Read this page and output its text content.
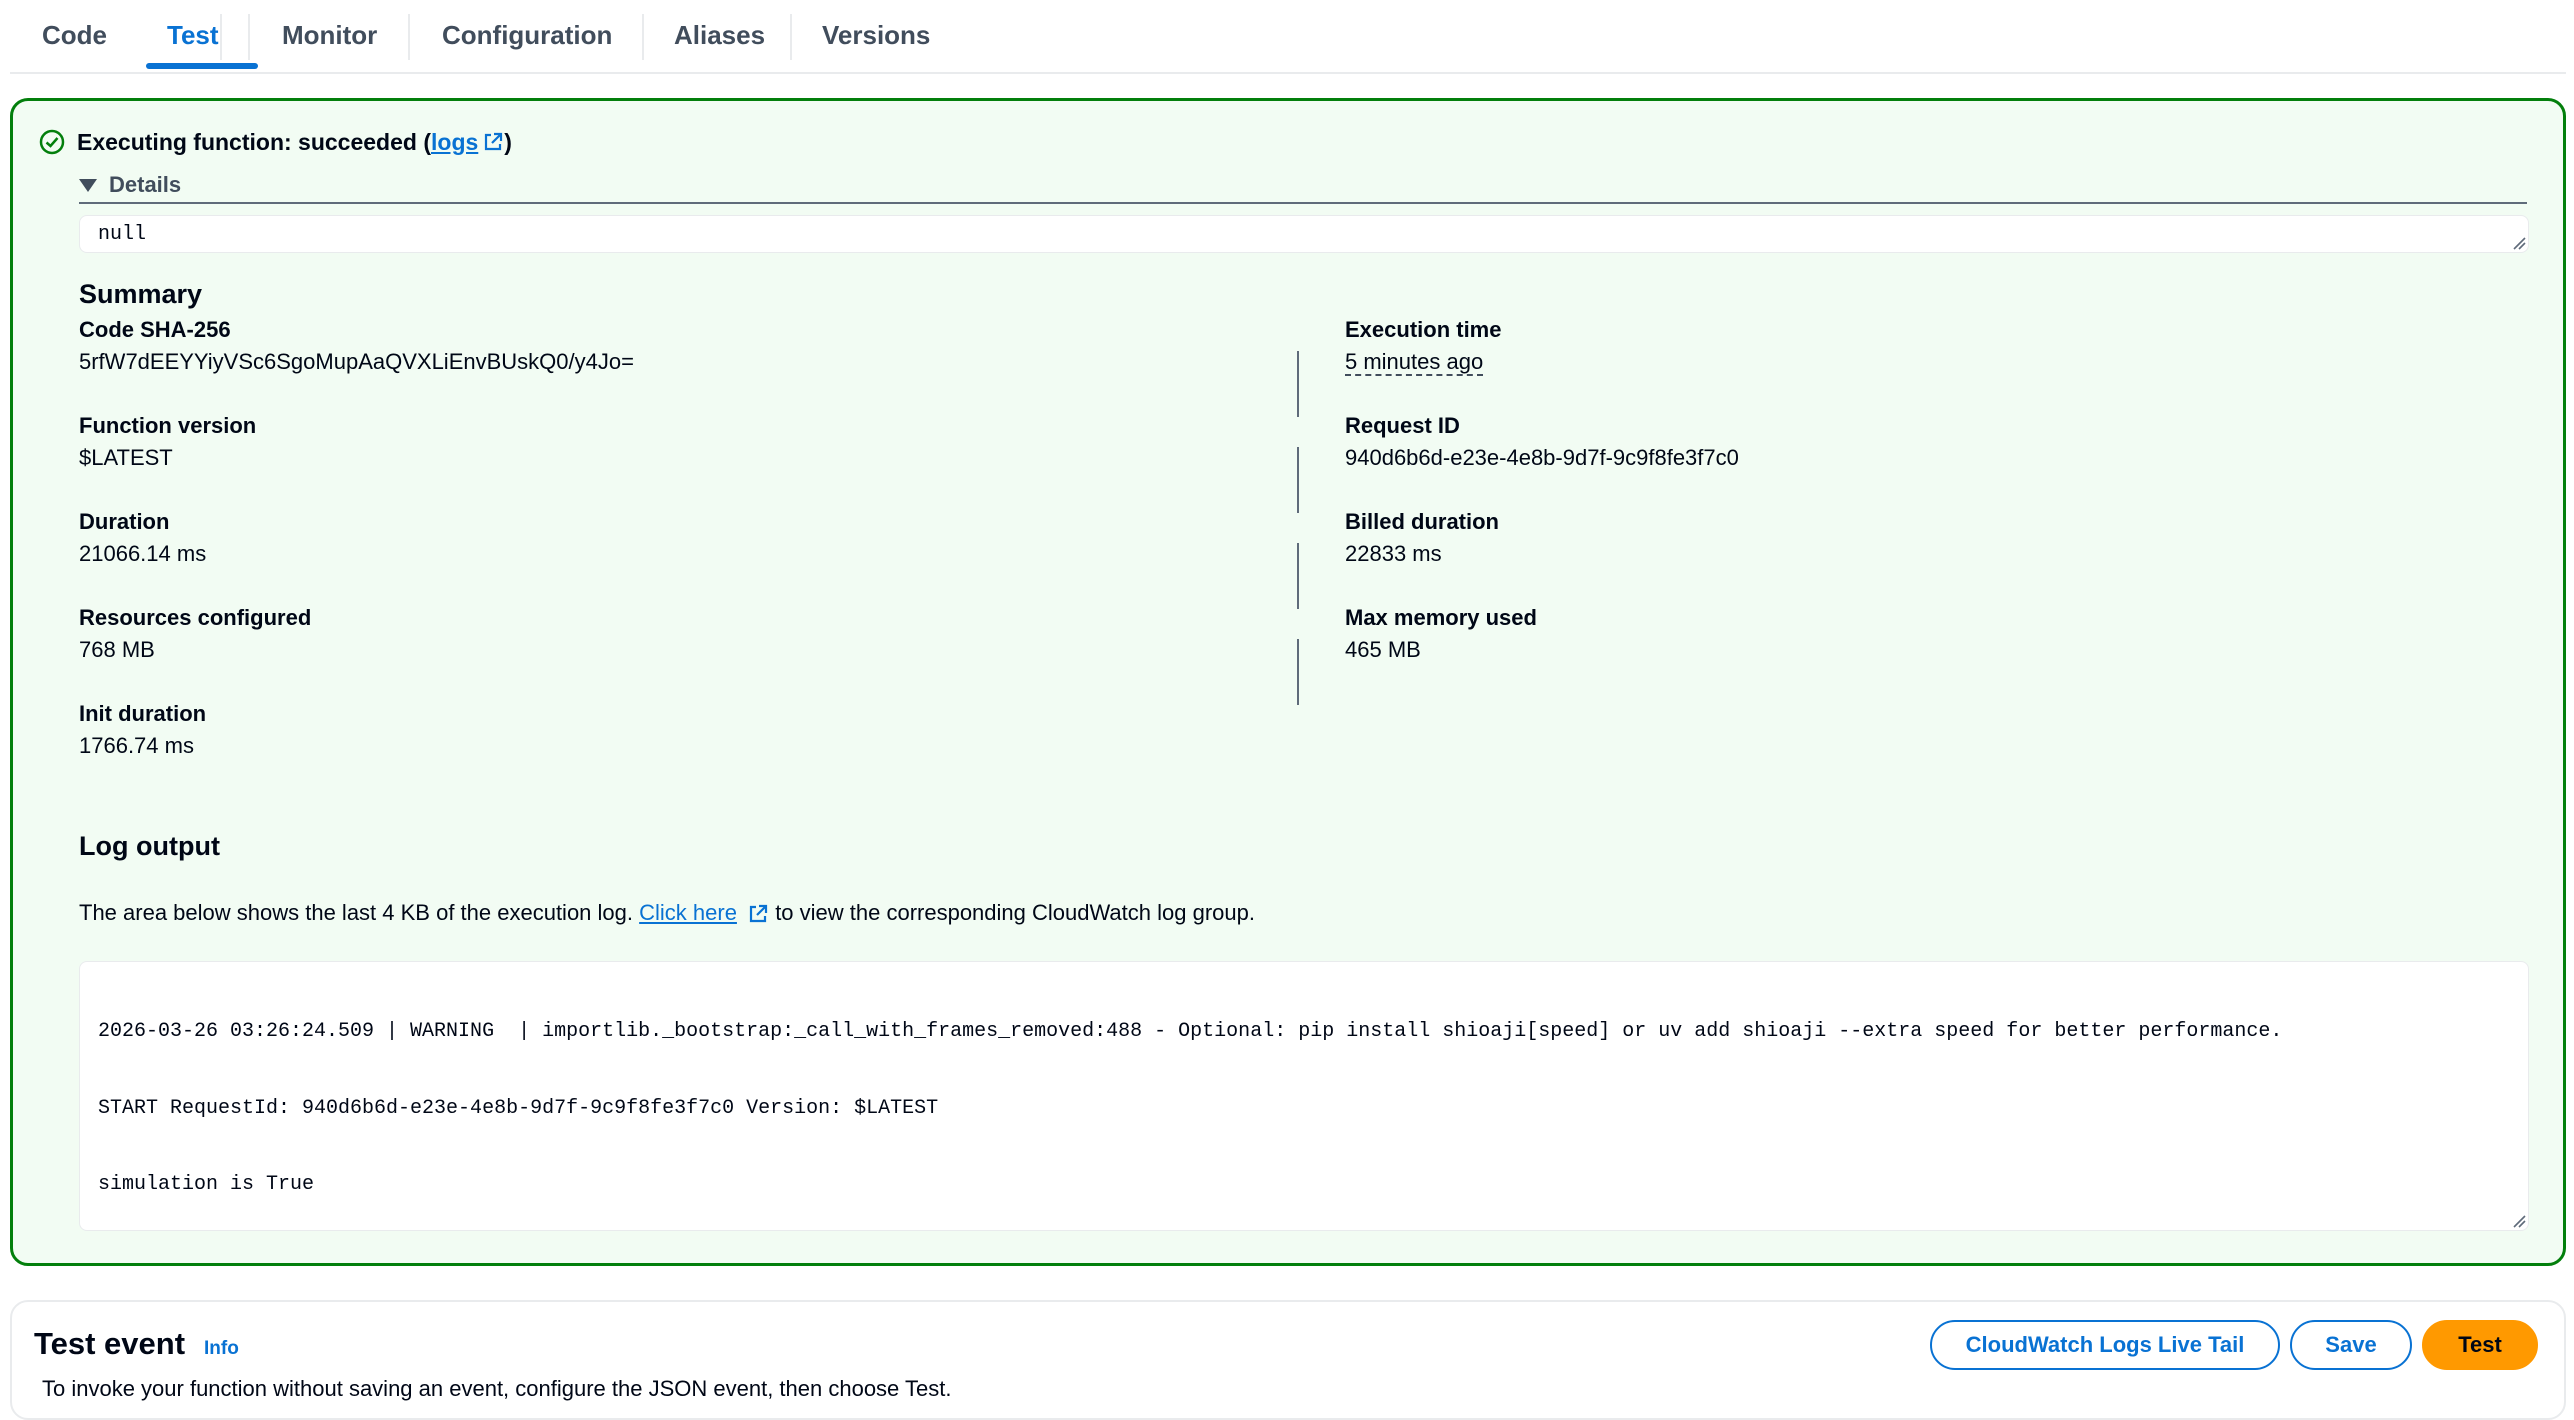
Code Test Monitor Configuration Aliases Versions
Executing function: succeeded ( logs )
Details
null
Summary
Code SHA-256
5rfW7dEEYYiyVSc6SgoMupAaQVXLiEnvBUskQ0/y4Jo=
Function version
$LATEST
Duration
21066.14 ms
Resources configured
768 MB
Init duration
1766.74 ms
Execution time
5 minutes ago
Request ID
940d6b6d-e23e-4e8b-9d7f-9c9f8fe3f7c0
Billed duration
22833 ms
Max memory used
465 MB
Log output
The area below shows the last 4 KB of the execution log. Click here to view the corresponding CloudWatch log group.

2026-03-26 03:26:24.509 | WARNING  | importlib._bootstrap:_call_with_frames_removed:488 - Optional: pip install shioaji[speed] or uv add shioaji --extra speed for better performance.

START RequestId: 940d6b6d-e23e-4e8b-9d7f-9c9f8fe3f7c0 Version: $LATEST

simulation is True

Test event Info	CloudWatch Logs Live Tail	Save	Test
To invoke your function without saving an event, configure the JSON event, then choose Test.
